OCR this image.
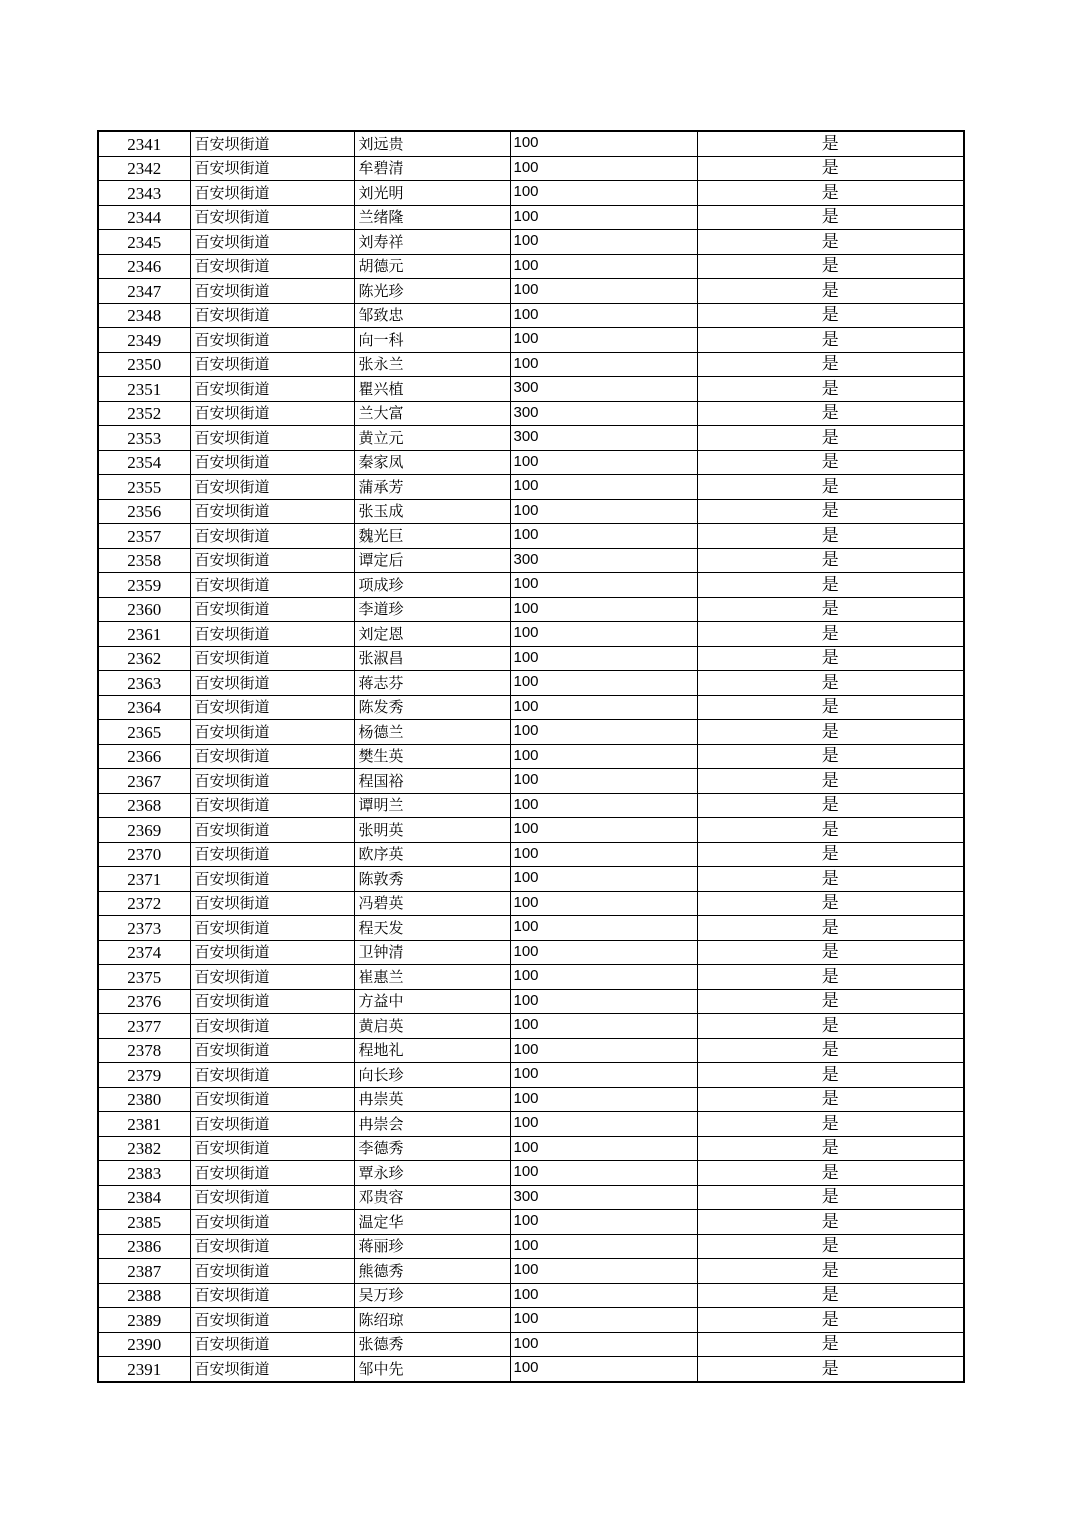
2341	百安坝街道	刘远贵	100	是
2342	百安坝街道	牟碧清	100	是
2343	百安坝街道	刘光明	100	是
2344	百安坝街道	兰绪隆	100	是
2345	百安坝街道	刘寿祥	100	是
2346	百安坝街道	胡德元	100	是
2347	百安坝街道	陈光珍	100	是
2348	百安坝街道	邹致忠	100	是
2349	百安坝街道	向一科	100	是
2350	百安坝街道	张永兰	100	是
2351	百安坝街道	瞿兴植	300	是
2352	百安坝街道	兰大富	300	是
2353	百安坝街道	黄立元	300	是
2354	百安坝街道	秦家凤	100	是
2355	百安坝街道	蒲承芳	100	是
2356	百安坝街道	张玉成	100	是
2357	百安坝街道	魏光巨	100	是
2358	百安坝街道	谭定后	300	是
2359	百安坝街道	项成珍	100	是
2360	百安坝街道	李道珍	100	是
2361	百安坝街道	刘定恩	100	是
2362	百安坝街道	张淑昌	100	是
2363	百安坝街道	蒋志芬	100	是
2364	百安坝街道	陈发秀	100	是
2365	百安坝街道	杨德兰	100	是
2366	百安坝街道	樊生英	100	是
2367	百安坝街道	程国裕	100	是
2368	百安坝街道	谭明兰	100	是
2369	百安坝街道	张明英	100	是
2370	百安坝街道	欧序英	100	是
2371	百安坝街道	陈敦秀	100	是
2372	百安坝街道	冯碧英	100	是
2373	百安坝街道	程天发	100	是
2374	百安坝街道	卫钟清	100	是
2375	百安坝街道	崔惠兰	100	是
2376	百安坝街道	方益中	100	是
2377	百安坝街道	黄启英	100	是
2378	百安坝街道	程地礼	100	是
2379	百安坝街道	向长珍	100	是
2380	百安坝街道	冉崇英	100	是
2381	百安坝街道	冉崇会	100	是
2382	百安坝街道	李德秀	100	是
2383	百安坝街道	覃永珍	100	是
2384	百安坝街道	邓贵容	300	是
2385	百安坝街道	温定华	100	是
2386	百安坝街道	蒋丽珍	100	是
2387	百安坝街道	熊德秀	100	是
2388	百安坝街道	吴万珍	100	是
2389	百安坝街道	陈绍琼	100	是
2390	百安坝街道	张德秀	100	是
2391	百安坝街道	邹中先	100	是
